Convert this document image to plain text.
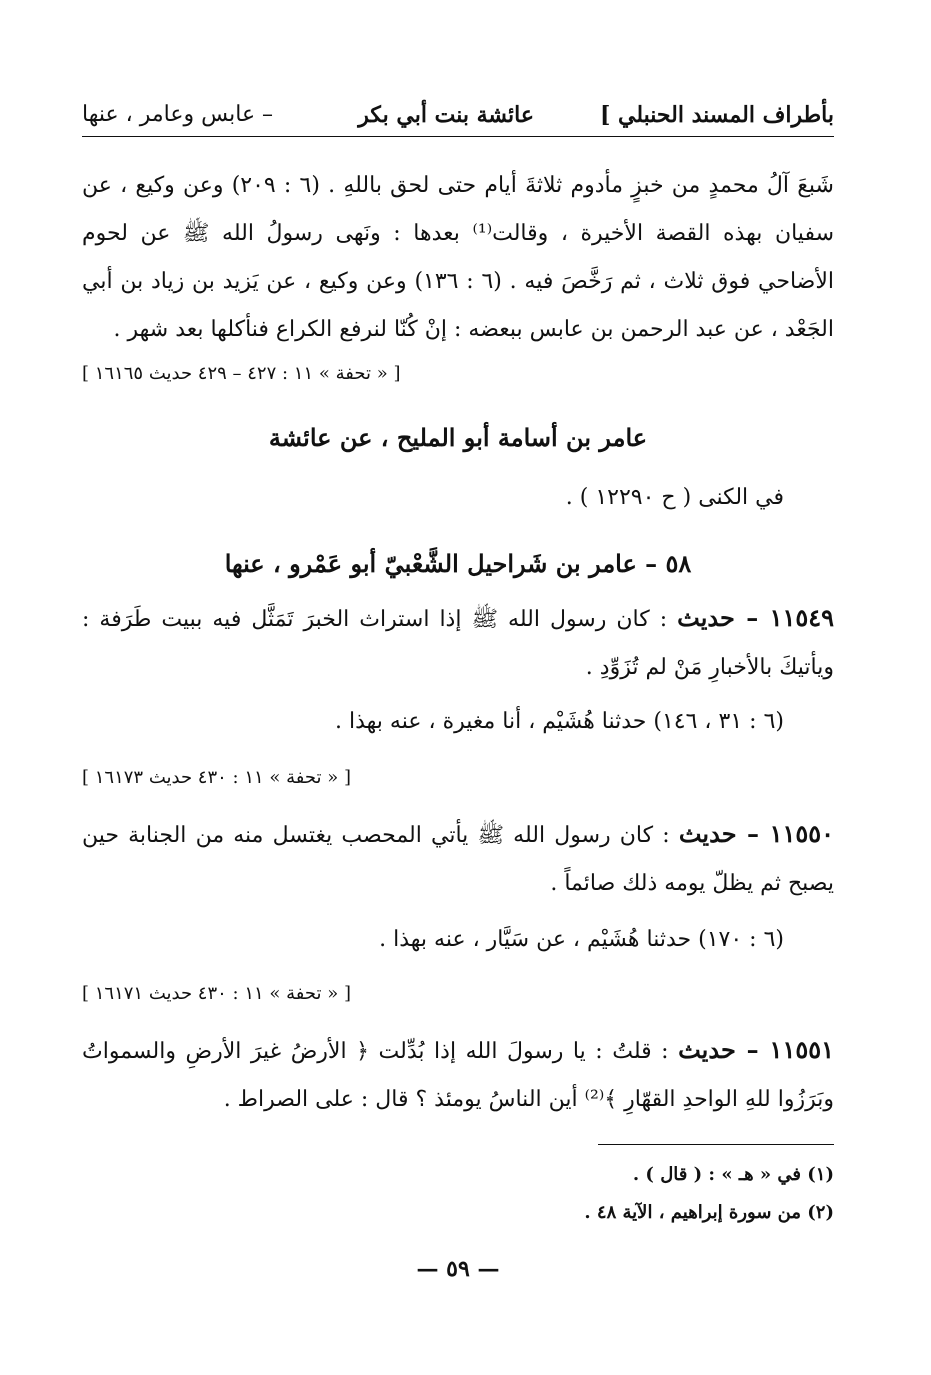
بأطراف المسند الحنبلي ]
عائشة بنت أبي بكر
– عابس وعامر ، عنها
شَبعَ آلُ محمدٍ من خبزٍ مأدوم ثلاثةَ أيام حتى لحق باللهِ . (٦ : ٢٠٩) وعن وكيع ، عن سفيان بهذه القصة الأخيرة ، وقالت⁽¹⁾ بعدها : ونَهى رسولُ الله ﷺ عن لحوم الأضاحي فوق ثلاث ، ثم رَخَّصَ فيه . (٦ : ١٣٦) وعن وكيع ، عن يَزيد بن زياد بن أبي الجَعْد ، عن عبد الرحمن بن عابس ببعضه : إنْ كُنّا لنرفع الكراع فنأكلها بعد شهر .
[ « تحفة » ١١ : ٤٢٧ – ٤٢٩ حديث ١٦١٦٥ ]
عامر بن أسامة أبو المليح ، عن عائشة
في الكنى ( ح ١٢٢٩٠ ) .
٥٨ – عامر بن شَراحيل الشَّعْبيّ أبو عَمْرو ، عنها
١١٥٤٩ – حديث : كان رسول الله ﷺ إذا استراث الخبرَ تَمَثَّل فيه ببيت طَرَفة : ويأتيكَ بالأخبارِ مَنْ لم تُزَوِّدِ .
(٦ : ٣١ ، ١٤٦) حدثنا هُشَيْم ، أنا مغيرة ، عنه بهذا .
[ « تحفة » ١١ : ٤٣٠ حديث ١٦١٧٣ ]
١١٥٥٠ – حديث : كان رسول الله ﷺ يأتي المحصب يغتسل منه من الجنابة حين يصبح ثم يظلّ يومه ذلك صائماً .
(٦ : ١٧٠) حدثنا هُشَيْم ، عن سَيَّار ، عنه بهذا .
[ « تحفة » ١١ : ٤٣٠ حديث ١٦١٧١ ]
١١٥٥١ – حديث : قلتُ : يا رسولَ الله إذا بُدِّلت ﴿ الأرضُ غيرَ الأرضِ والسمواتُ وبَرَزُوا للهِ الواحدِ القهّارِ ﴾⁽²⁾ أين الناسُ يومئذ ؟ قال : على الصراط .
(١) في « هـ » : ( قال ) .
(٢) من سورة إبراهيم ، الآية ٤٨ .
— ٥٩ —
